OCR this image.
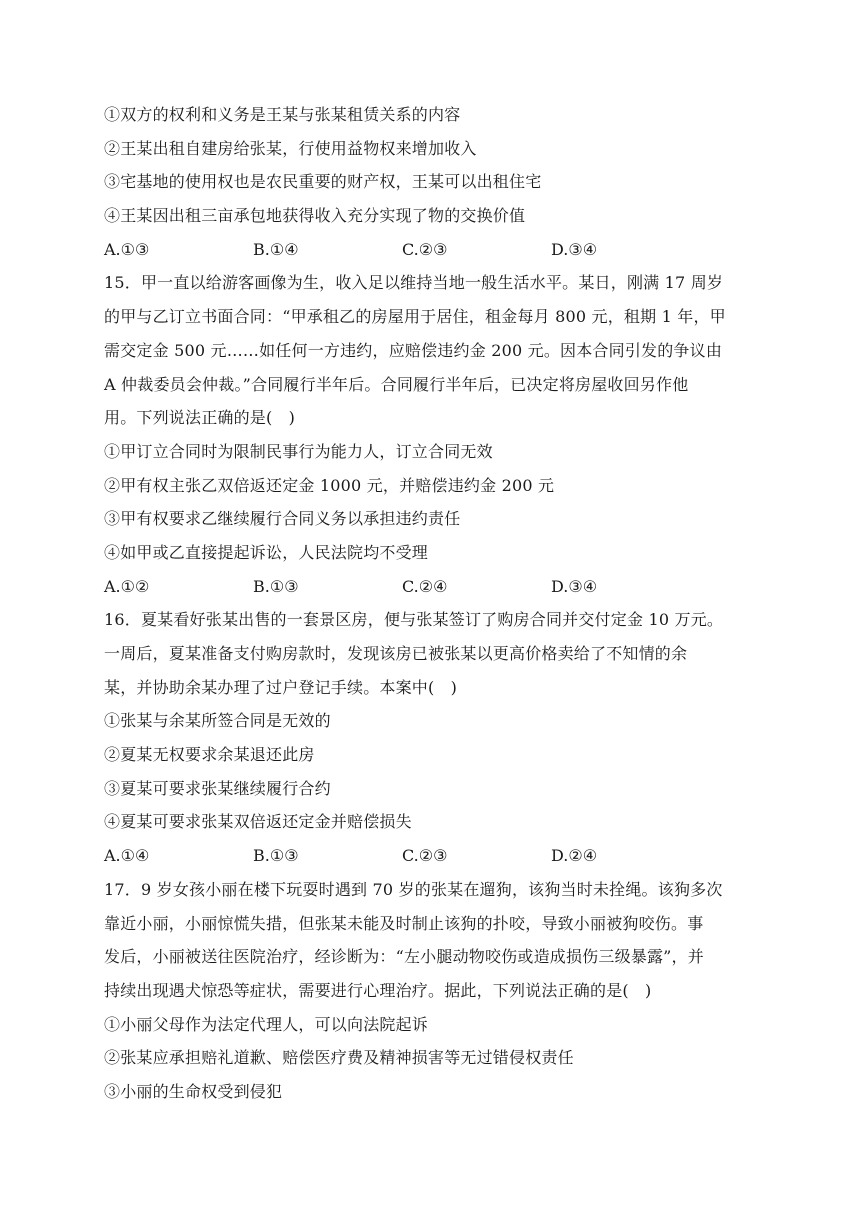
①双方的权利和义务是王某与张某租赁关系的内容
②王某出租自建房给张某，行使用益物权来增加收入
③宅基地的使用权也是农民重要的财产权，王某可以出租住宅
④王某因出租三亩承包地获得收入充分实现了物的交换价值
A.①③	B.①④	C.②③	D.③④
15．甲一直以给游客画像为生，收入足以维持当地一般生活水平。某日，刚满 17 周岁
的甲与乙订立书面合同：“甲承租乙的房屋用于居住，租金每月 800 元，租期 1 年，甲
需交定金 500 元……如任何一方违约，应赔偿违约金 200 元。因本合同引发的争议由
A 仲裁委员会仲裁。”合同履行半年后。合同履行半年后，已决定将房屋收回另作他
用。下列说法正确的是(　)
①甲订立合同时为限制民事行为能力人，订立合同无效
②甲有权主张乙双倍返还定金 1000 元，并赔偿违约金 200 元
③甲有权要求乙继续履行合同义务以承担违约责任
④如甲或乙直接提起诉讼，人民法院均不受理
A.①②	B.①③	C.②④	D.③④
16．夏某看好张某出售的一套景区房，便与张某签订了购房合同并交付定金 10 万元。
一周后，夏某准备支付购房款时，发现该房已被张某以更高价格卖给了不知情的余
某，并协助余某办理了过户登记手续。本案中(　)
①张某与余某所签合同是无效的
②夏某无权要求余某退还此房
③夏某可要求张某继续履行合约
④夏某可要求张某双倍返还定金并赔偿损失
A.①④	B.①③	C.②③	D.②④
17．9 岁女孩小丽在楼下玩耍时遇到 70 岁的张某在遛狗，该狗当时未拴绳。该狗多次
靠近小丽，小丽惊慌失措，但张某未能及时制止该狗的扑咬，导致小丽被狗咬伤。事
发后，小丽被送往医院治疗，经诊断为：“左小腿动物咬伤或造成损伤三级暴露”，并
持续出现遇犬惊恐等症状，需要进行心理治疗。据此，下列说法正确的是(　)
①小丽父母作为法定代理人，可以向法院起诉
②张某应承担赔礼道歉、赔偿医疗费及精神损害等无过错侵权责任
③小丽的生命权受到侵犯
